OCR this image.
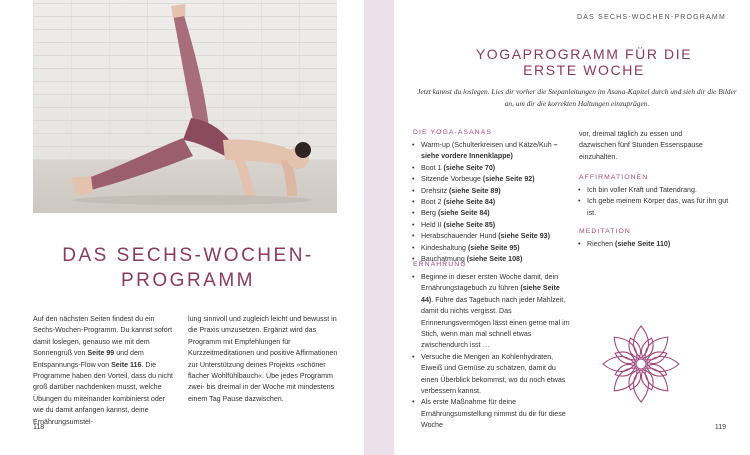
DAS SECHS-WOCHEN-
PROGRAMM
Auf den nächsten Seiten findest du ein Sechs-Wochen-Programm. Du kannst sofort damit loslegen, genauso wie mit dem Sonnengruß von Seite 99 und dem Entspannungs-Flow von Seite 116. Die Programme haben den Vorteil, dass du nicht groß darüber nachdenken musst, welche Übungen du miteinander kombinierst oder wie du damit anfangen kannst, deine Ernährungsumstel-
lung sinnvoll und zugleich leicht und bewusst in die Praxis umzusetzen. Ergänzt wird das Programm mit Empfehlungen für Kurzzeitmeditationen und positive Affirmationen zur Unterstützung deines Projekts »schöner flacher Wohlfühlbauch«. Übe jedes Programm zwei- bis dreimal in der Woche mit mindestens einem Tag Pause dazwischen.
118
DAS SECHS-WOCHEN-PROGRAMM
YOGAPROGRAMM FÜR DIE
ERSTE WOCHE
Jetzt kannst du loslegen. Lies dir vorher die Stepanleitungen im Asana-Kapitel durch und sieh dir die Bilder an, um dir die korrekten Haltungen einzuprägen.
DIE YOGA-ASANAS
• Warm-up (Schulterkreisen und Katze/Kuh – siehe vordere Innenklappe)
• Boot 1 (siehe Seite 70)
• Sitzende Vorbeuge (siehe Seite 92)
• Drehsitz (siehe Seite 89)
• Boot 2 (siehe Seite 84)
• Berg (siehe Seite 84)
• Held II (siehe Seite 85)
• Herabschauender Hund (siehe Seite 93)
• Kindeshaltung (siehe Seite 95)
• Bauchatmung (siehe Seite 108)
ERNÄHRUNG
• Beginne in dieser ersten Woche damit, dein Ernährungstagebuch zu führen (siehe Seite 44). Führe das Tagebuch nach jeder Mahlzeit, damit du nichts vergisst. Das Erinnerungsvermögen lässt einen gerne mal im Stich, wenn man mal schnell etwas zwischendurch isst …
• Versuche die Mengen an Kohlenhydraten, Eiweiß und Gemüse zu schätzen, damit du einen Überblick bekommst, wo du noch etwas verbessern kannst.
• Als erste Maßnahme für deine Ernährungsumstellung nimmst du dir für diese Woche
vor, dreimal täglich zu essen und dazwischen fünf Stunden Essenspause einzuhalten.
AFFIRMATIONEN
• Ich bin voller Kraft und Tatendrang.
• Ich gebe meinem Körper das, was für ihn gut ist.
MEDITATION
• Riechen (siehe Seite 110)
119
